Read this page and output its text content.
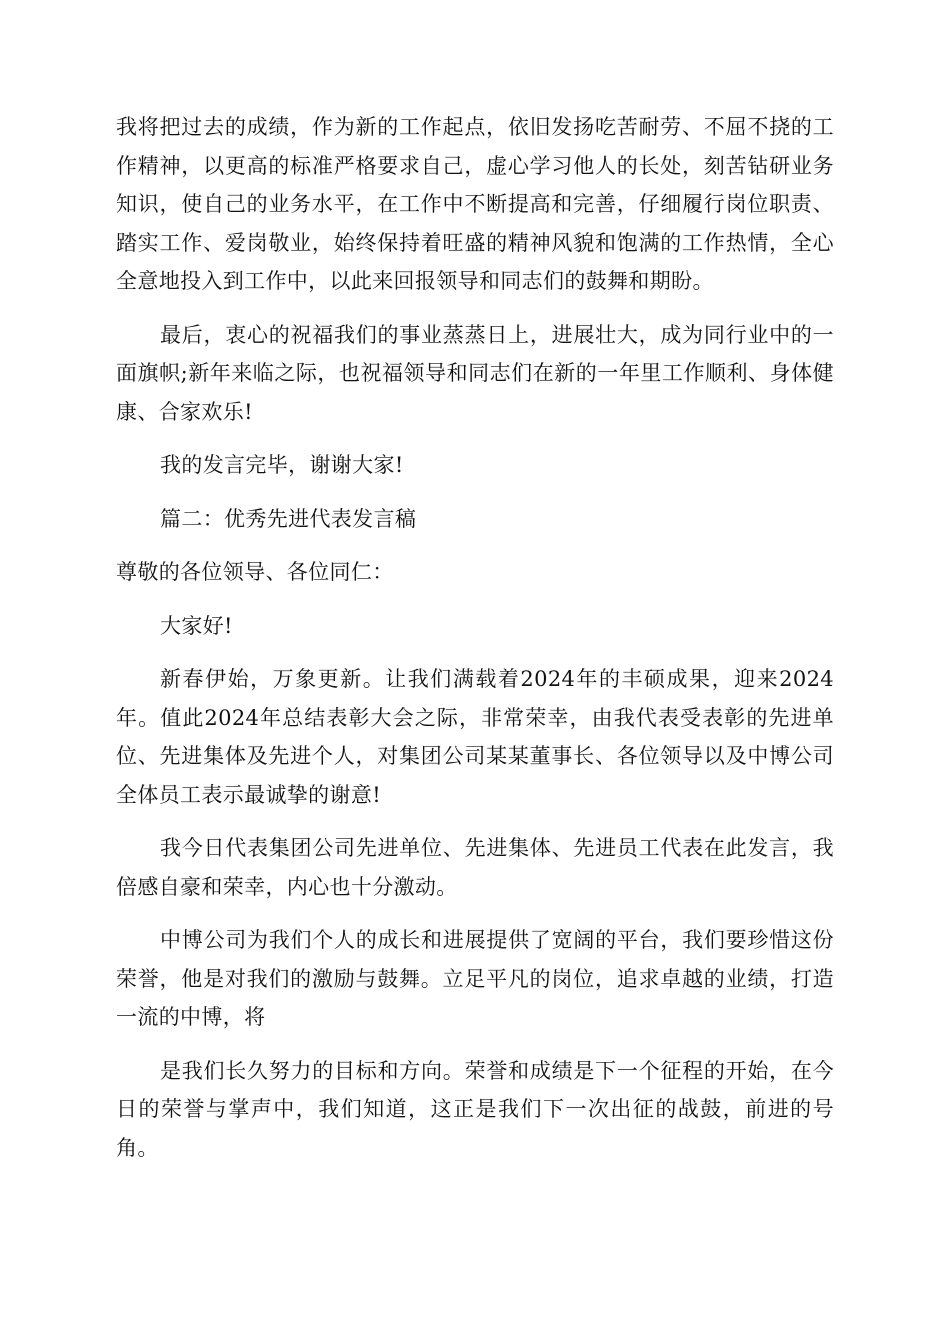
我将把过去的成绩，作为新的工作起点，依旧发扬吃苦耐劳、不屈不挠的工作精神，以更高的标准严格要求自己，虚心学习他人的长处，刻苦钻研业务知识，使自己的业务水平，在工作中不断提高和完善，仔细履行岗位职责、踏实工作、爱岗敬业，始终保持着旺盛的精神风貌和饱满的工作热情，全心全意地投入到工作中，以此来回报领导和同志们的鼓舞和期盼。

最后，衷心的祝福我们的事业蒸蒸日上，进展壮大，成为同行业中的一面旗帜;新年来临之际，也祝福领导和同志们在新的一年里工作顺利、身体健康、合家欢乐!

我的发言完毕，谢谢大家!

篇二：优秀先进代表发言稿

尊敬的各位领导、各位同仁：

大家好!

新春伊始，万象更新。让我们满载着2024年的丰硕成果，迎来2024年。值此2024年总结表彰大会之际，非常荣幸，由我代表受表彰的先进单位、先进集体及先进个人，对集团公司某某董事长、各位领导以及中博公司全体员工表示最诚挚的谢意!

我今日代表集团公司先进单位、先进集体、先进员工代表在此发言，我倍感自豪和荣幸，内心也十分激动。

中博公司为我们个人的成长和进展提供了宽阔的平台，我们要珍惜这份荣誉，他是对我们的激励与鼓舞。立足平凡的岗位，追求卓越的业绩，打造一流的中博，将

是我们长久努力的目标和方向。荣誉和成绩是下一个征程的开始，在今日的荣誉与掌声中，我们知道，这正是我们下一次出征的战鼓，前进的号角。
